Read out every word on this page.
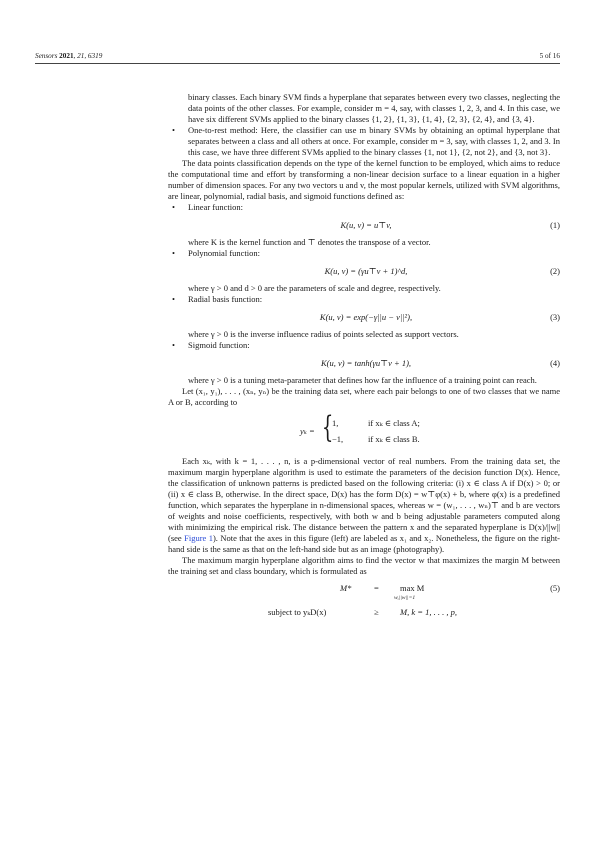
Sensors 2021, 21, 6319	5 of 16

binary classes. Each binary SVM finds a hyperplane that separates between every two classes, neglecting the data points of the other classes. For example, consider m = 4, say, with classes 1, 2, 3, and 4. In this case, we have six different SVMs applied to the binary classes {1, 2}, {1, 3}, {1, 4}, {2, 3}, {2, 4}, and {3, 4}.

• One-to-rest method: Here, the classifier can use m binary SVMs by obtaining an optimal hyperplane that separates between a class and all others at once. For example, consider m = 3, say, with classes 1, 2, and 3. In this case, we have three different SVMs applied to the binary classes {1, not 1}, {2, not 2}, and {3, not 3}.

The data points classification depends on the type of the kernel function to be employed, which aims to reduce the computational time and effort by transforming a non-linear decision surface to a linear equation in a higher number of dimension spaces. For any two vectors u and v, the most popular kernels, utilized with SVM algorithms, are linear, polynomial, radial basis, and sigmoid functions defined as:

• Linear function:

K(u, v) = u⊤v,	(1)

where K is the kernel function and ⊤ denotes the transpose of a vector.

• Polynomial function:

K(u, v) = (γu⊤v + 1)^d,	(2)

where γ > 0 and d > 0 are the parameters of scale and degree, respectively.

• Radial basis function:

K(u, v) = exp(−γ||u − v||²),	(3)

where γ > 0 is the inverse influence radius of points selected as support vectors.

• Sigmoid function:

K(u, v) = tanh(γu⊤v + 1),	(4)

where γ > 0 is a tuning meta-parameter that defines how far the influence of a training point can reach.

Let (x₁, y₁), . . . , (xₙ, yₙ) be the training data set, where each pair belongs to one of two classes that we name A or B, according to

yₖ = {
1,
−1,
if xₖ ∈ class A;
if xₖ ∈ class B.

Each xₖ, with k = 1, . . . , n, is a p-dimensional vector of real numbers. From the training data set, the maximum margin hyperplane algorithm is used to estimate the parameters of the decision function D(x). Hence, the classification of unknown patterns is predicted based on the following criteria: (i) x ∈ class A if D(x) > 0; or (ii) x ∈ class B, otherwise. In the direct space, D(x) has the form D(x) = w⊤φ(x) + b, where φ(x) is a predefined function, which separates the hyperplane in n-dimensional spaces, whereas w = (w₁, . . . , wₙ)⊤ and b are vectors of weights and noise coefficients, respectively, with both w and b being adjustable parameters computed along with minimizing the empirical risk. The distance between the pattern x and the separated hyperplane is D(x)/||w|| (see Figure 1). Note that the axes in this figure (left) are labeled as x₁ and x₂. Nonetheless, the figure on the right-hand side is the same as that on the left-hand side but as an image (photography).

The maximum margin hyperplane algorithm aims to find the vector w that maximizes the margin M between the training set and class boundary, which is formulated as

M*	= max M
w,||w||=1
(5)
subject to yₖD(x)	≥	M, k = 1, . . . , p,
